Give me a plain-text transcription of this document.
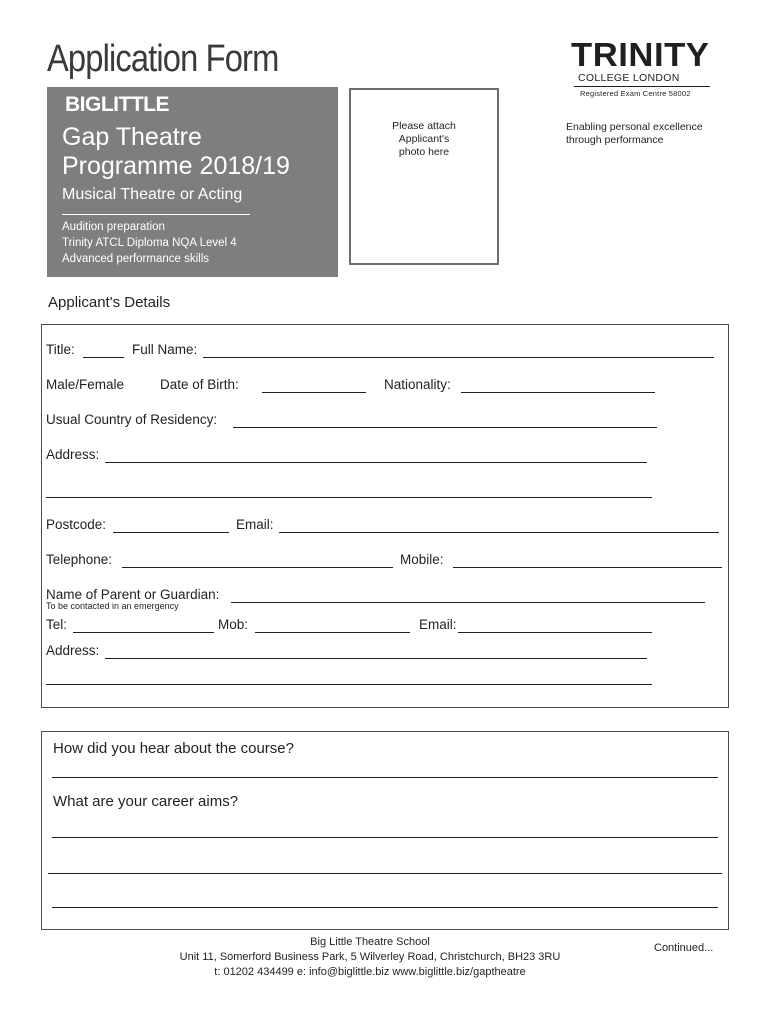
Application Form
BIGLITTLE
Gap Theatre
Programme 2018/19
Musical Theatre or Acting
Audition preparation
Trinity ATCL Diploma NQA Level 4
Advanced performance skills
Please attach
Applicant's
photo here
TRINITY
COLLEGE LONDON
Registered Exam Centre 58002
Enabling personal excellence
through performance
Applicant's Details
Title:	Full Name:
Male/Female	Date of Birth:	Nationality:
Usual Country of Residency:
Address:
Postcode:	Email:
Telephone:	Mobile:
Name of Parent or Guardian:
To be contacted in an emergency
Tel:	Mob:	Email:
Address:
How did you hear about the course?
What are your career aims?
Big Little Theatre School
Unit 11, Somerford Business Park, 5 Wilverley Road, Christchurch, BH23 3RU
t: 01202 434499 e: info@biglittle.biz www.biglittle.biz/gaptheatre
Continued...
